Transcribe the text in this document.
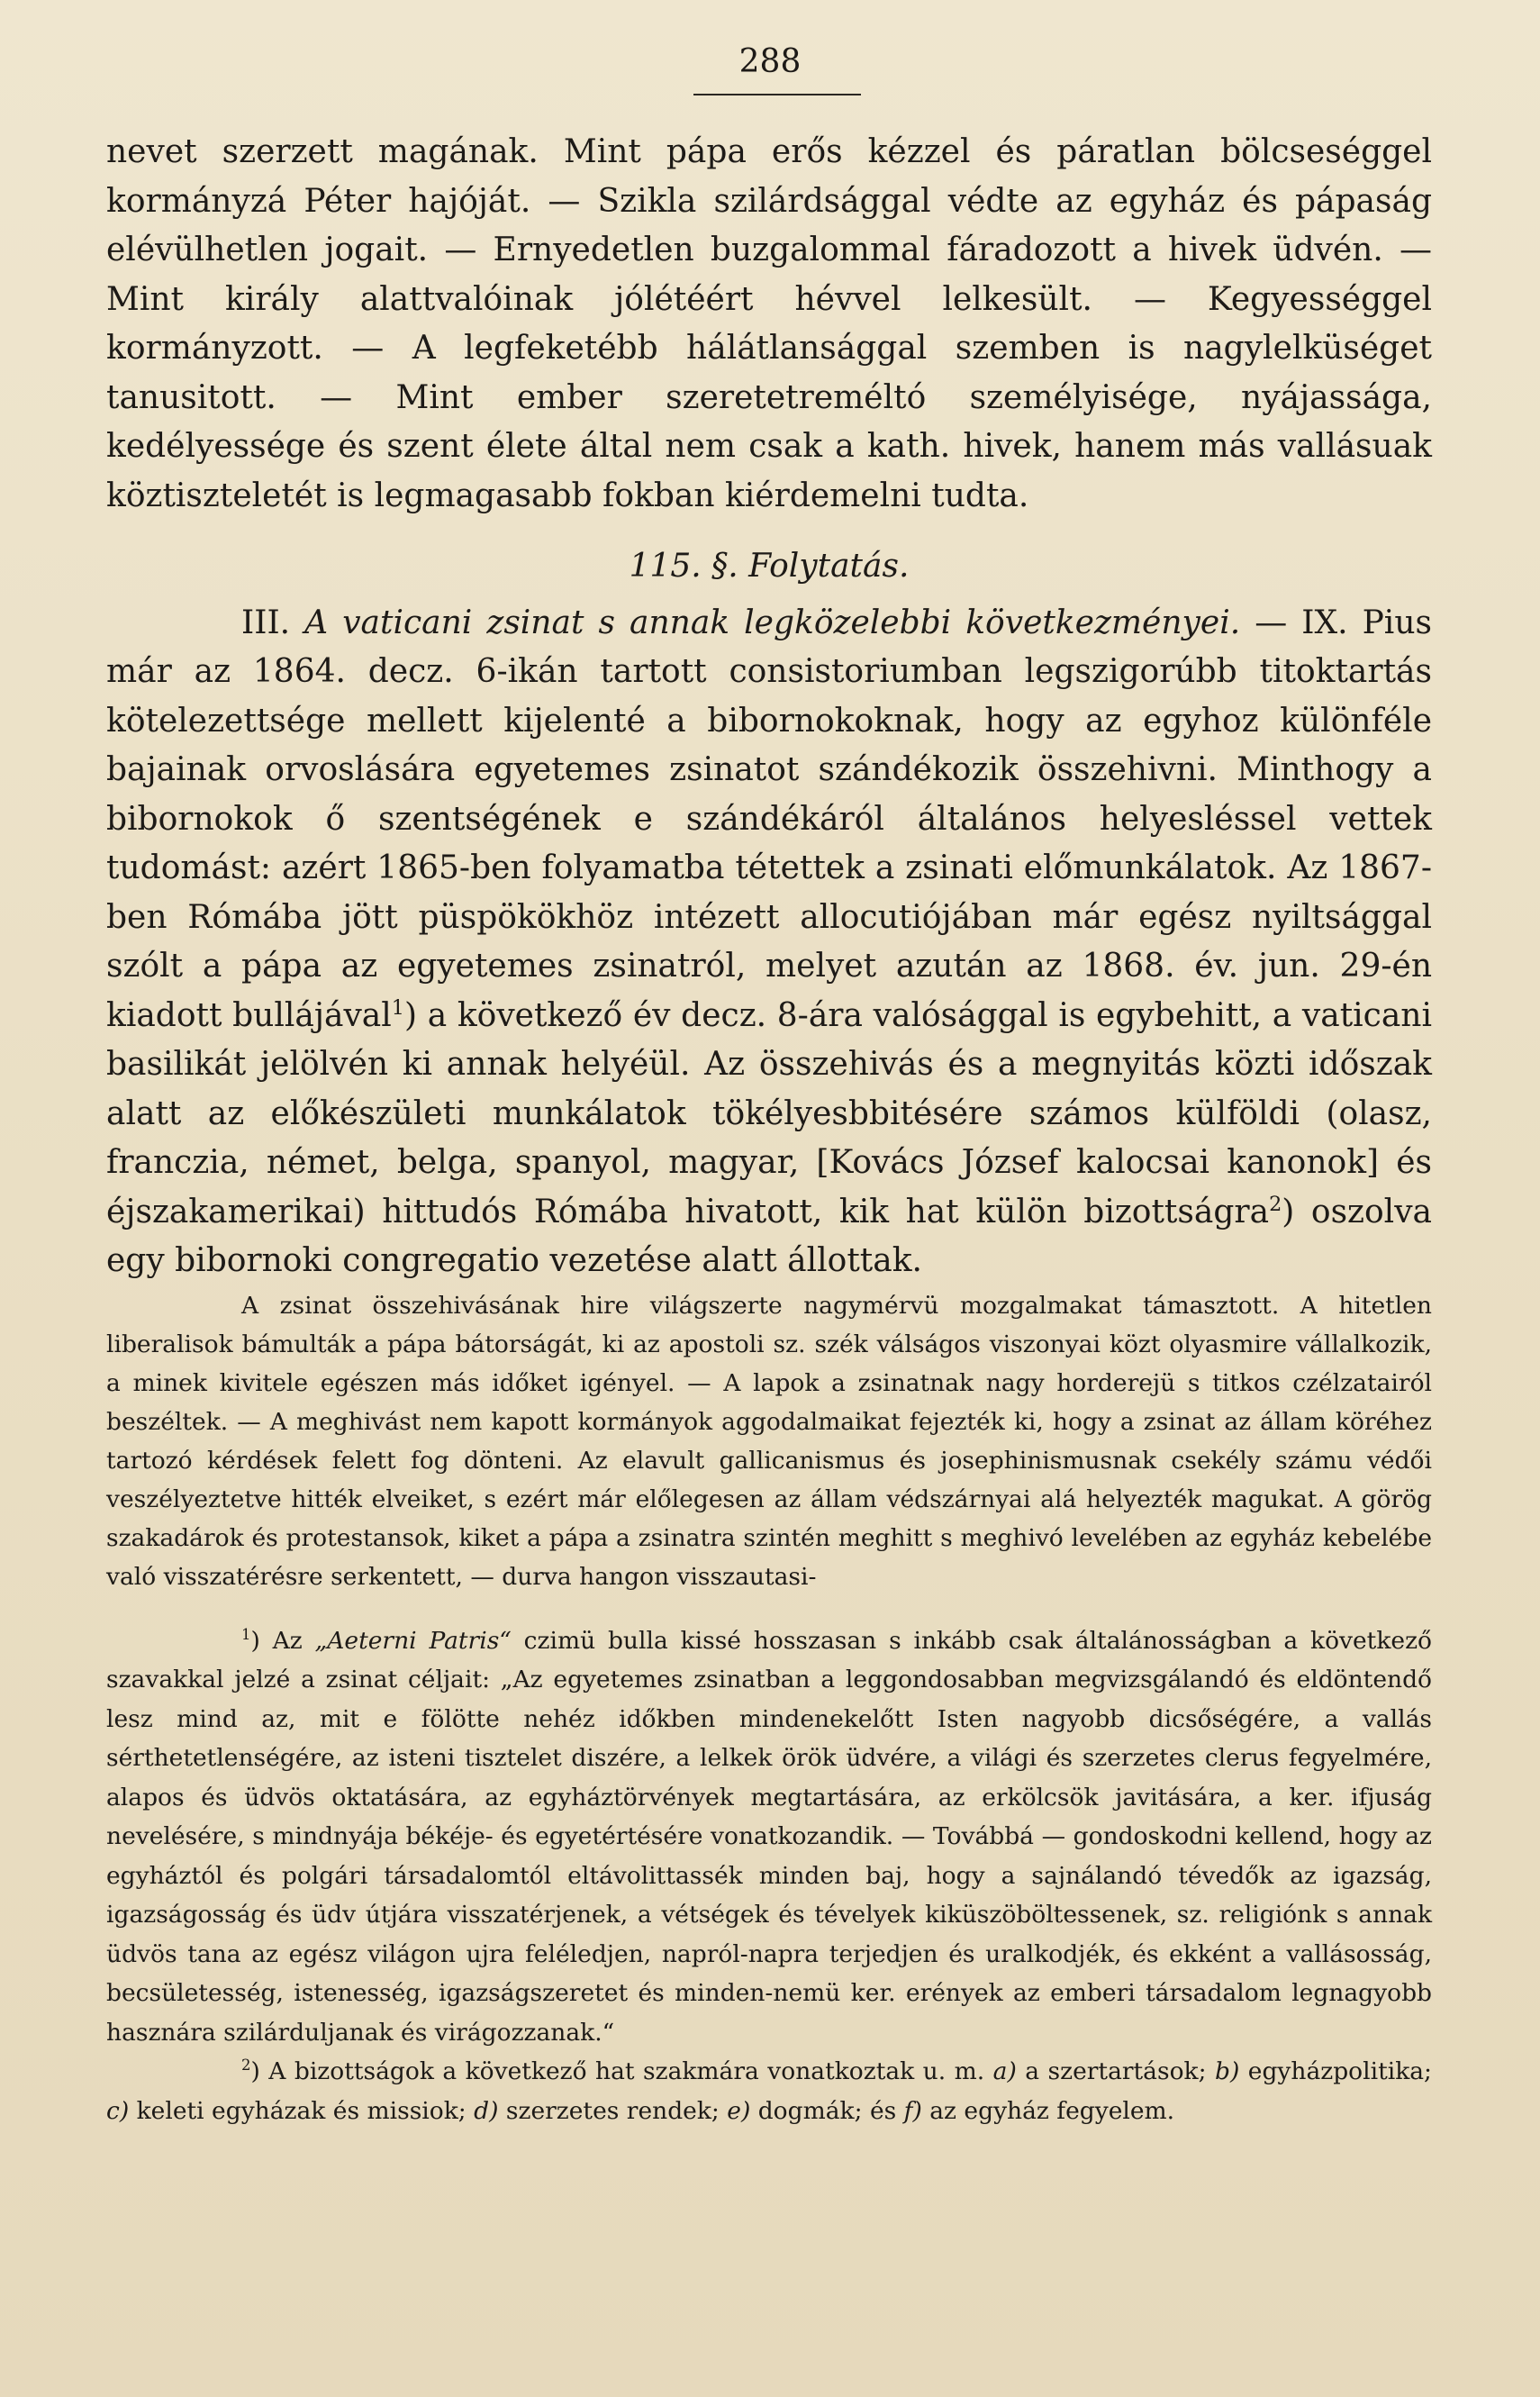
288

nevet szerzett magának. Mint pápa erős kézzel és páratlan bölcseséggel kormányzá Péter hajóját. — Szikla szilárdsággal védte az egyház és pápaság elévülhetlen jogait. — Ernyedetlen buzgalommal fáradozott a hivek üdvén. — Mint király alattvalóinak jólétéért hévvel lelkesült. — Kegyességgel kormányzott. — A legfeketébb hálátlansággal szemben is nagylelküséget tanusitott. — Mint ember szeretetreméltó személyisége, nyájassága, kedélyessége és szent élete által nem csak a kath. hivek, hanem más vallásuak köztiszteletét is legmagasabb fokban kiérdemelni tudta.

115. §. Folytatás.

III. A vaticani zsinat s annak legközelebbi következményei. — IX. Pius már az 1864. decz. 6-ikán tartott consistoriumban legszigorúbb titoktartás kötelezettsége mellett kijelenté a bibornokoknak, hogy az egyhoz különféle bajainak orvoslására egyetemes zsinatot szándékozik összehivni. Minthogy a bibornokok ő szentségének e szándékáról általános helyesléssel vettek tudomást: azért 1865-ben folyamatba tétettek a zsinati előmunkálatok. Az 1867-ben Rómába jött püspökökhöz intézett allocutiójában már egész nyiltsággal szólt a pápa az egyetemes zsinatról, melyet azután az 1868. év. jun. 29-én kiadott bullájával$^1$) a következő év decz. 8-ára valósággal is egybehitt, a vaticani basilikát jelölvén ki annak helyéül. Az összehivás és a megnyitás közti időszak alatt az előkészületi munkálatok tökélyesbbitésére számos külföldi (olasz, franczia, német, belga, spanyol, magyar, [Kovács József kalocsai kanonok] és éjszakamerikai) hittudós Rómába hivatott, kik hat külön bizottságra$^2$) oszolva egy bibornoki congregatio vezetése alatt állottak.

A zsinat összehivásának hire világszerte nagymérvü mozgalmakat támasztott. A hitetlen liberalisok bámulták a pápa bátorságát, ki az apostoli sz. szék válságos viszonyai közt olyasmire vállalkozik, a minek kivitele egészen más időket igényel. — A lapok a zsinatnak nagy horderejü s titkos czélzatairól beszéltek. — A meghivást nem kapott kormányok aggodalmaikat fejezték ki, hogy a zsinat az állam köréhez tartozó kérdések felett fog dönteni. Az elavult gallicanismus és josephinismusnak csekély számu védői veszélyeztetve hitték elveiket, s ezért már előlegesen az állam védszárnyai alá helyezték magukat. A görög szakadárok és protestansok, kiket a pápa a zsinatra szintén meghitt s meghivó levelében az egyház kebelébe való visszatérésre serkentett, — durva hangon visszautasi-

$^1$) Az „Aeterni Patris“ czimü bulla kissé hosszasan s inkább csak általánosságban a következő szavakkal jelzé a zsinat céljait: „Az egyetemes zsinatban a leggondosabban megvizsgálandó és eldöntendő lesz mind az, mit e fölötte nehéz időkben mindenekelőtt Isten nagyobb dicsőségére, a vallás sérthetetlenségére, az isteni tisztelet diszére, a lelkek örök üdvére, a világi és szerzetes clerus fegyelmére, alapos és üdvös oktatására, az egyháztörvények megtartására, az erkölcsök javitására, a ker. ifjuság nevelésére, s mindnyája békéje- és egyetértésére vonatkozandik. — Továbbá — gondoskodni kellend, hogy az egyháztól és polgári társadalomtól eltávolittassék minden baj, hogy a sajnálandó tévedők az igazság, igazságosság és üdv útjára visszatérjenek, a vétségek és tévelyek kiküszöböltessenek, sz. religiónk s annak üdvös tana az egész világon ujra feléledjen, napról-napra terjedjen és uralkodjék, és ekként a vallásosság, becsületesség, istenesség, igazságszeretet és minden-nemü ker. erények az emberi társadalom legnagyobb hasznára szilárduljanak és virágozzanak.“

$^2$) A bizottságok a következő hat szakmára vonatkoztak u. m. a) a szertartások; b) egyházpolitika; c) keleti egyházak és missiok; d) szerzetes rendek; e) dogmák; és f) az egyház fegyelem.
